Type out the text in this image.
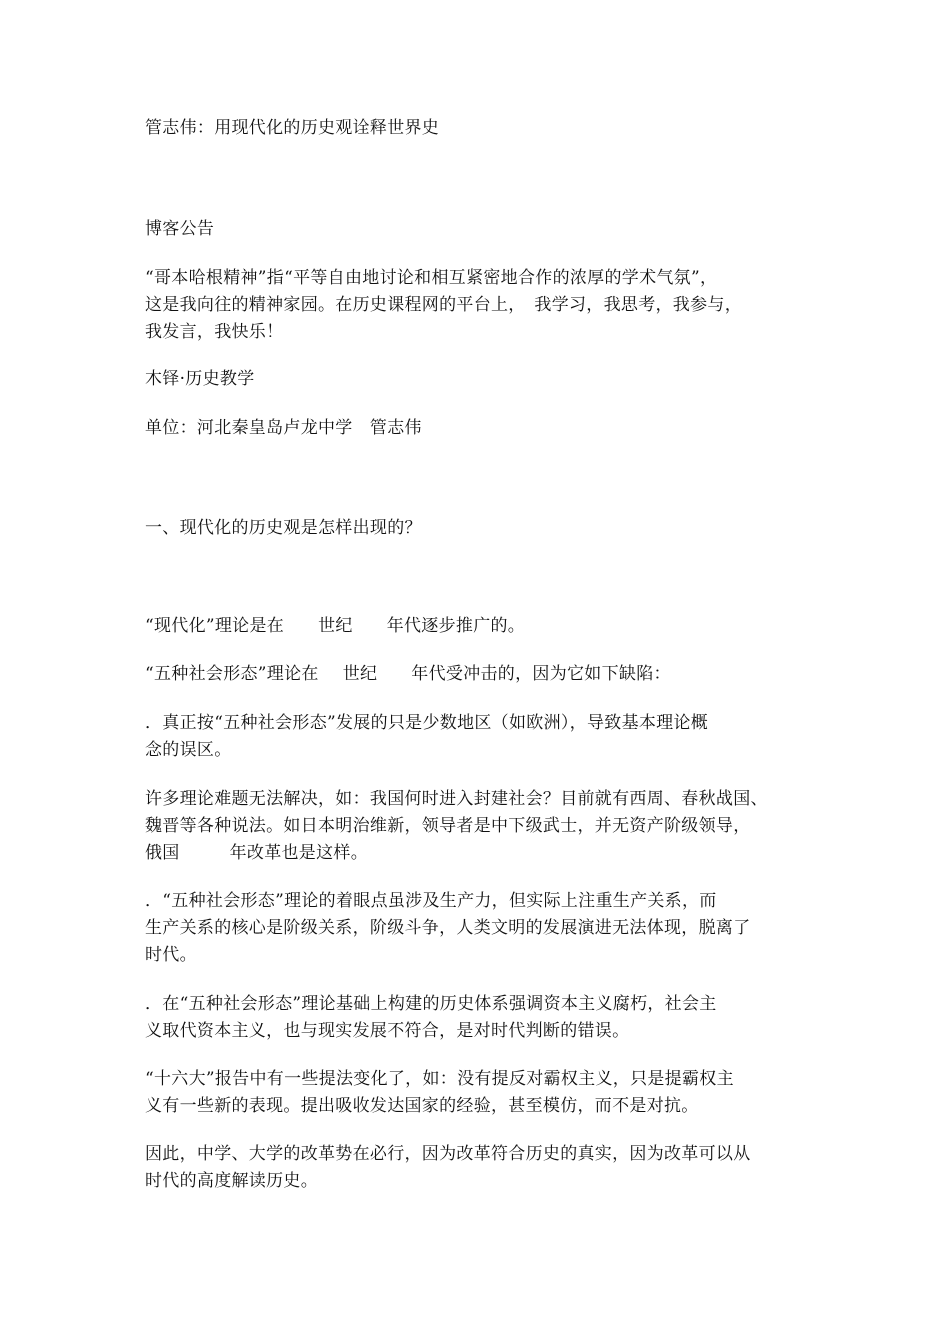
管志伟：用现代化的历史观诠释世界史
博客公告
“哥本哈根精神”指“平等自由地讨论和相互紧密地合作的浓厚的学术气氛”，
这是我向往的精神家园。在历史课程网的平台上，　我学习，我思考，我参与，
我发言，我快乐！
木铎·历史教学
单位：河北秦皇岛卢龙中学　管志伟
一、现代化的历史观是怎样出现的？
“现代化”理论是在 世纪 年代逐步推广的。
“五种社会形态”理论在 世纪 年代受冲击的，因为它如下缺陷：
．真正按“五种社会形态”发展的只是少数地区（如欧洲），导致基本理论概
念的误区。
许多理论难题无法解决，如：我国何时进入封建社会？目前就有西周、春秋战国、
魏晋等各种说法。如日本明治维新，领导者是中下级武士，并无资产阶级领导，
俄国	年改革也是这样。
．“五种社会形态”理论的着眼点虽涉及生产力，但实际上注重生产关系，而
生产关系的核心是阶级关系，阶级斗争，人类文明的发展演进无法体现，脱离了
时代。
．在“五种社会形态”理论基础上构建的历史体系强调资本主义腐朽，社会主
义取代资本主义，也与现实发展不符合，是对时代判断的错误。
“十六大”报告中有一些提法变化了，如：没有提反对霸权主义，只是提霸权主
义有一些新的表现。提出吸收发达国家的经验，甚至模仿，而不是对抗。
因此，中学、大学的改革势在必行，因为改革符合历史的真实，因为改革可以从
时代的高度解读历史。
